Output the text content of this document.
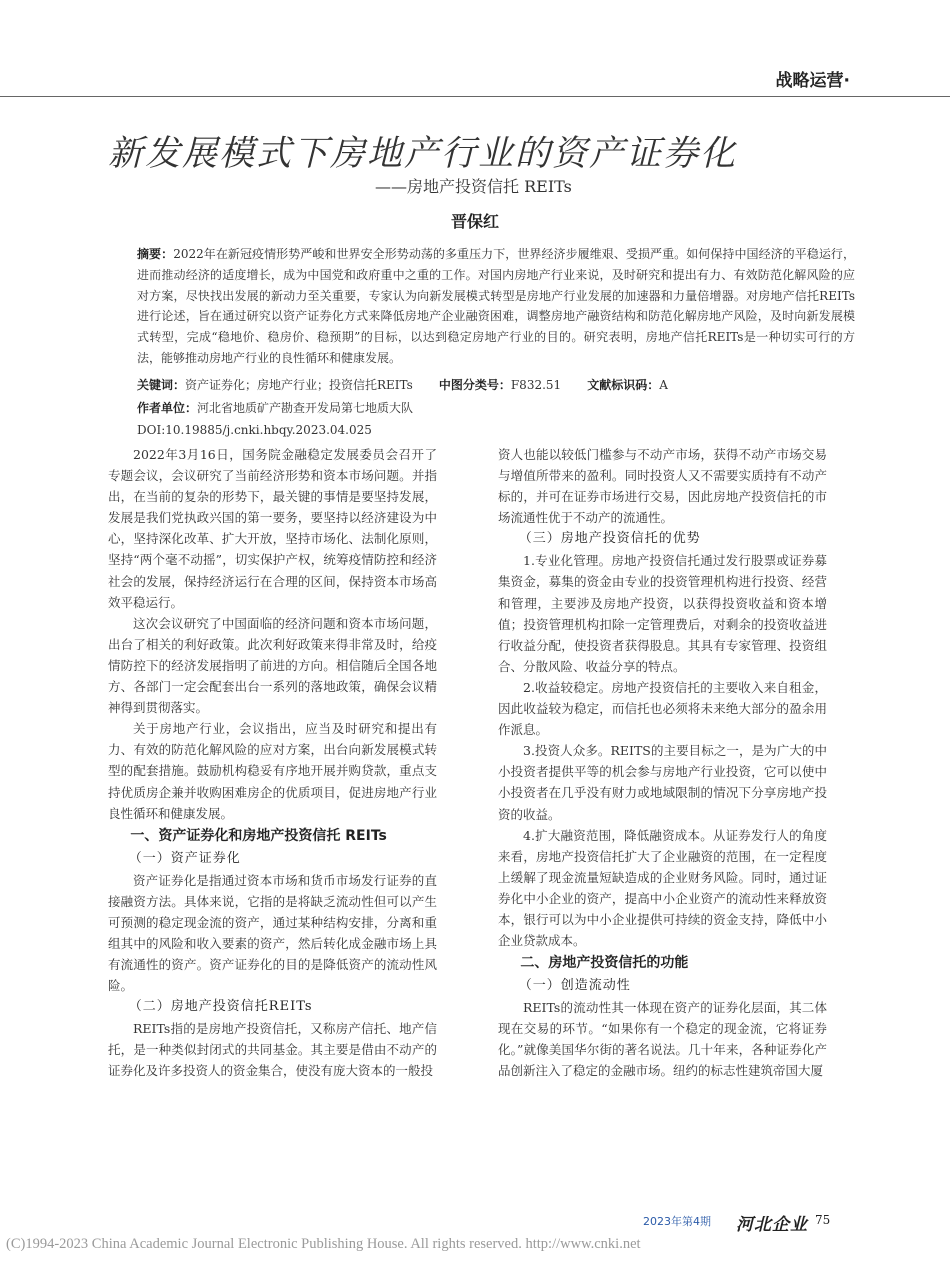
战略运营·
新发展模式下房地产行业的资产证券化
——房地产投资信托 REITs
晋保红
摘要：2022年在新冠疫情形势严峻和世界安全形势动荡的多重压力下，世界经济步履维艰、受损严重。如何保持中国经济的平稳运行，进而推动经济的适度增长，成为中国党和政府重中之重的工作。对国内房地产行业来说，及时研究和提出有力、有效防范化解风险的应对方案，尽快找出发展的新动力至关重要，专家认为向新发展模式转型是房地产行业发展的加速器和力量倍增器。对房地产信托REITs进行论述，旨在通过研究以资产证券化方式来降低房地产企业融资困难，调整房地产融资结构和防范化解房地产风险，及时向新发展模式转型，完成“稳地价、稳房价、稳预期”的目标，以达到稳定房地产行业的目的。研究表明，房地产信托REITs是一种切实可行的方法，能够推动房地产行业的良性循环和健康发展。
关键词：资产证券化；房地产行业；投资信托REITs 中图分类号：F832.51 文献标识码：A
作者单位：河北省地质矿产勘查开发局第七地质大队
DOI:10.19885/j.cnki.hbqy.2023.04.025

2022年3月16日，国务院金融稳定发展委员会召开了专题会议，会议研究了当前经济形势和资本市场问题。并指出，在当前的复杂的形势下，最关键的事情是要坚持发展，发展是我们党执政兴国的第一要务，要坚持以经济建设为中心，坚持深化改革、扩大开放，坚持市场化、法制化原则，坚持“两个毫不动摇”，切实保护产权，统筹疫情防控和经济社会的发展，保持经济运行在合理的区间，保持资本市场高效平稳运行。

这次会议研究了中国面临的经济问题和资本市场问题，出台了相关的利好政策。此次利好政策来得非常及时，给疫情防控下的经济发展指明了前进的方向。相信随后全国各地方、各部门一定会配套出台一系列的落地政策，确保会议精神得到贯彻落实。

关于房地产行业，会议指出，应当及时研究和提出有力、有效的防范化解风险的应对方案，出台向新发展模式转型的配套措施。鼓励机构稳妥有序地开展并购贷款，重点支持优质房企兼并收购困难房企的优质项目，促进房地产行业良性循环和健康发展。

一、资产证券化和房地产投资信托 REITs
（一）资产证券化

资产证券化是指通过资本市场和货币市场发行证券的直接融资方法。具体来说，它指的是将缺乏流动性但可以产生可预测的稳定现金流的资产，通过某种结构安排，分离和重组其中的风险和收入要素的资产，然后转化成金融市场上具有流通性的资产。资产证券化的目的是降低资产的流动性风险。

（二）房地产投资信托REITs

REITs指的是房地产投资信托，又称房产信托、地产信托，是一种类似封闭式的共同基金。其主要是借由不动产的证券化及许多投资人的资金集合，使没有庞大资本的一般投

资人也能以较低门槛参与不动产市场，获得不动产市场交易与增值所带来的盈利。同时投资人又不需要实质持有不动产标的，并可在证券市场进行交易，因此房地产投资信托的市场流通性优于不动产的流通性。

（三）房地产投资信托的优势

1.专业化管理。房地产投资信托通过发行股票或证券募集资金，募集的资金由专业的投资管理机构进行投资、经营和管理，主要涉及房地产投资，以获得投资收益和资本增值；投资管理机构扣除一定管理费后，对剩余的投资收益进行收益分配，使投资者获得股息。其具有专家管理、投资组合、分散风险、收益分享的特点。

2.收益较稳定。房地产投资信托的主要收入来自租金，因此收益较为稳定，而信托也必须将未来绝大部分的盈余用作派息。

3.投资人众多。REITS的主要目标之一，是为广大的中小投资者提供平等的机会参与房地产行业投资，它可以使中小投资者在几乎没有财力或地域限制的情况下分享房地产投资的收益。

4.扩大融资范围，降低融资成本。从证券发行人的角度来看，房地产投资信托扩大了企业融资的范围，在一定程度上缓解了现金流量短缺造成的企业财务风险。同时，通过证券化中小企业的资产，提高中小企业资产的流动性来释放资本，银行可以为中小企业提供可持续的资金支持，降低中小企业贷款成本。

二、房地产投资信托的功能
（一）创造流动性

REITs的流动性其一体现在资产的证券化层面，其二体现在交易的环节。“如果你有一个稳定的现金流，它将证券化。”就像美国华尔街的著名说法。几十年来，各种证券化产品创新注入了稳定的金融市场。纽约的标志性建筑帝国大厦

2023年第4期 河北企业 75
(C)1994-2023 China Academic Journal Electronic Publishing House. All rights reserved. http://www.cnki.net
